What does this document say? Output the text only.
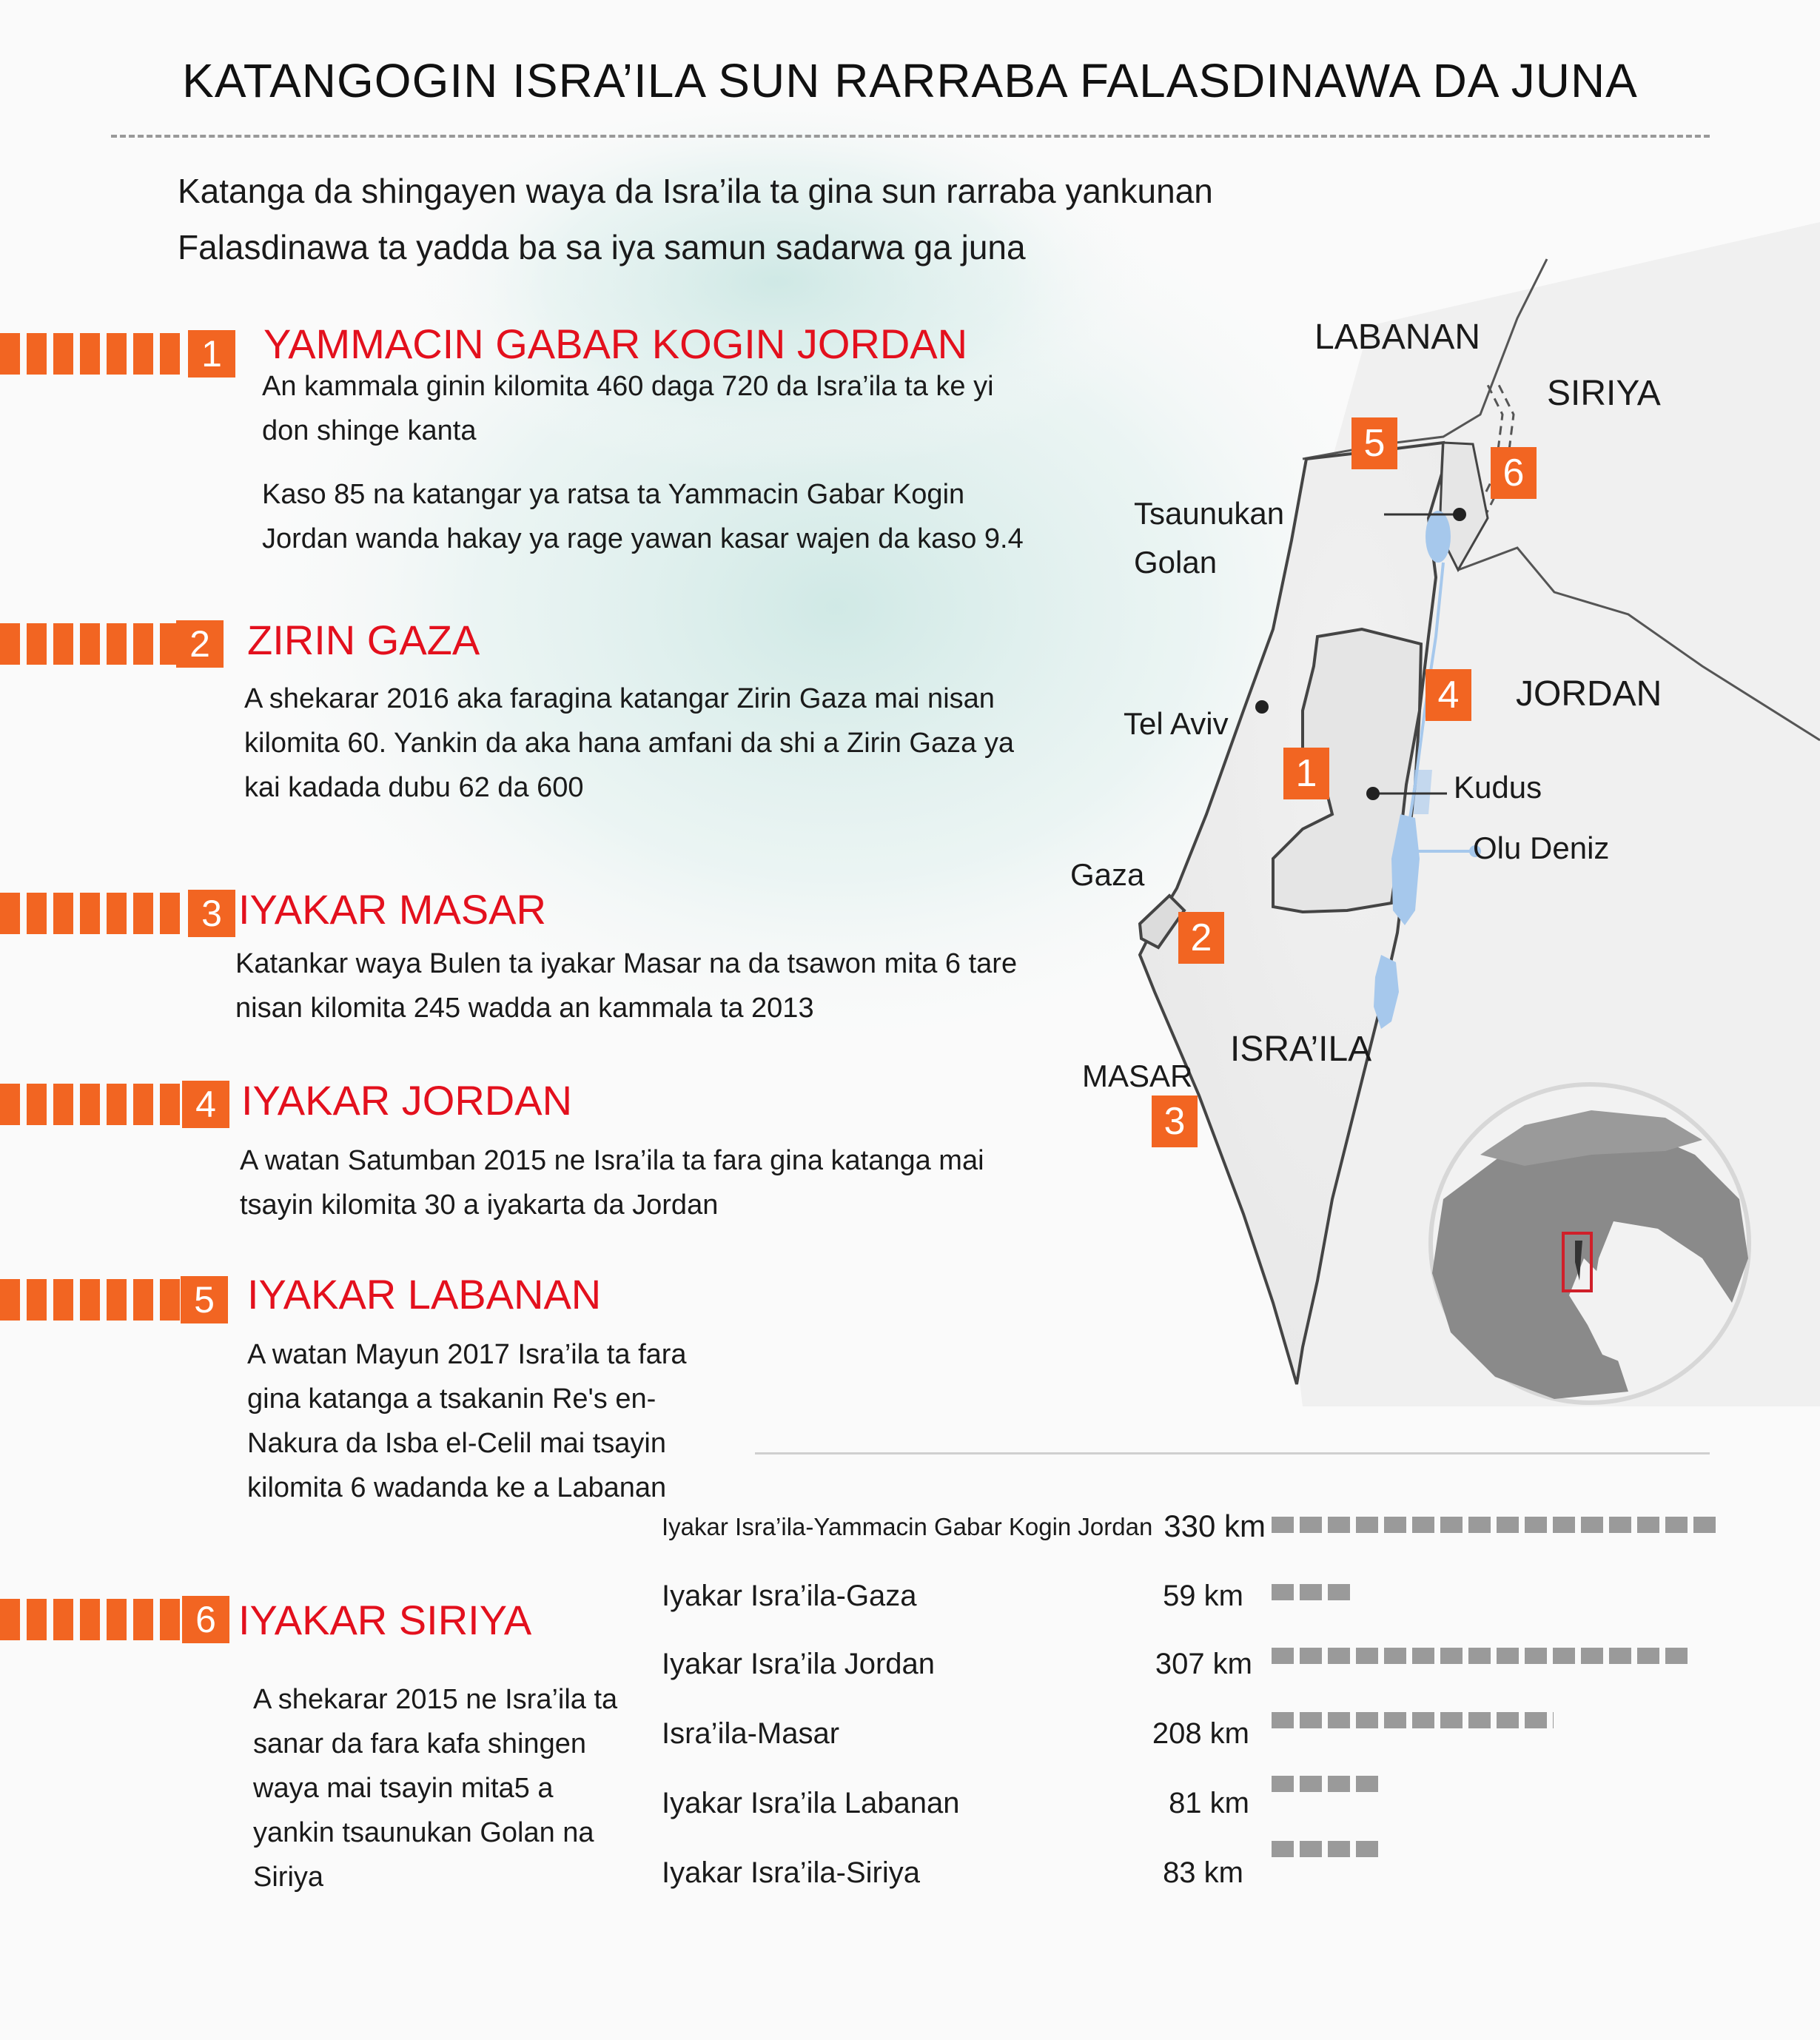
KATANGOGIN ISRA’ILA SUN RARRABA FALASDINAWA DA JUNA
Katanga da shingayen waya da Isra’ila ta gina sun rarraba yankunan
Falasdinawa ta yadda ba sa iya samun sadarwa ga juna
1	YAMMACIN GABAR KOGIN JORDAN

An kammala ginin kilomita 460 daga 720 da Isra’ila ta ke yi don shinge kanta

Kaso 85 na katangar ya ratsa ta Yammacin Gabar Kogin Jordan wanda hakay ya rage yawan kasar wajen da kaso 9.4

2 ZIRIN GAZA

A shekarar 2016 aka faragina katangar Zirin Gaza mai nisan kilomita 60. Yankin da aka hana amfani da shi a Zirin Gaza ya kai kadada dubu 62 da 600

3 IYAKAR MASAR

Katankar waya Bulen ta iyakar Masar na da tsawon mita 6 tare nisan kilomita 245 wadda an kammala ta 2013

4 IYAKAR JORDAN

A watan Satumban 2015 ne Isra’ila ta fara gina katanga mai tsayin kilomita 30 a iyakarta da Jordan

5 IYAKAR LABANAN

A watan Mayun 2017 Isra’ila ta fara gina katanga a tsakanin Re's en-Nakura da Isba el-Celil mai tsayin kilomita 6 wadanda ke a Labanan

6 IYAKAR SIRIYA

A shekarar 2015 ne Isra’ila ta sanar da fara kafa shingen waya mai tsayin mita5 a yankin tsaunukan Golan na Siriya

LABANAN
SIRIYA
Tsaunukan
Golan
JORDAN
Tel Aviv
Kudus
Olu Deniz
Gaza
ISRA’ILA
MASAR
5
6
4
1
2
3
Iyakar Isra’ila-Yammacin Gabar Kogin Jordan 330 km
Iyakar Isra’ila-Gaza	59 km
Iyakar Isra’ila Jordan	307 km
Isra’ila-Masar	208 km
Iyakar Isra’ila Labanan	81 km
Iyakar Isra’ila-Siriya	83 km
